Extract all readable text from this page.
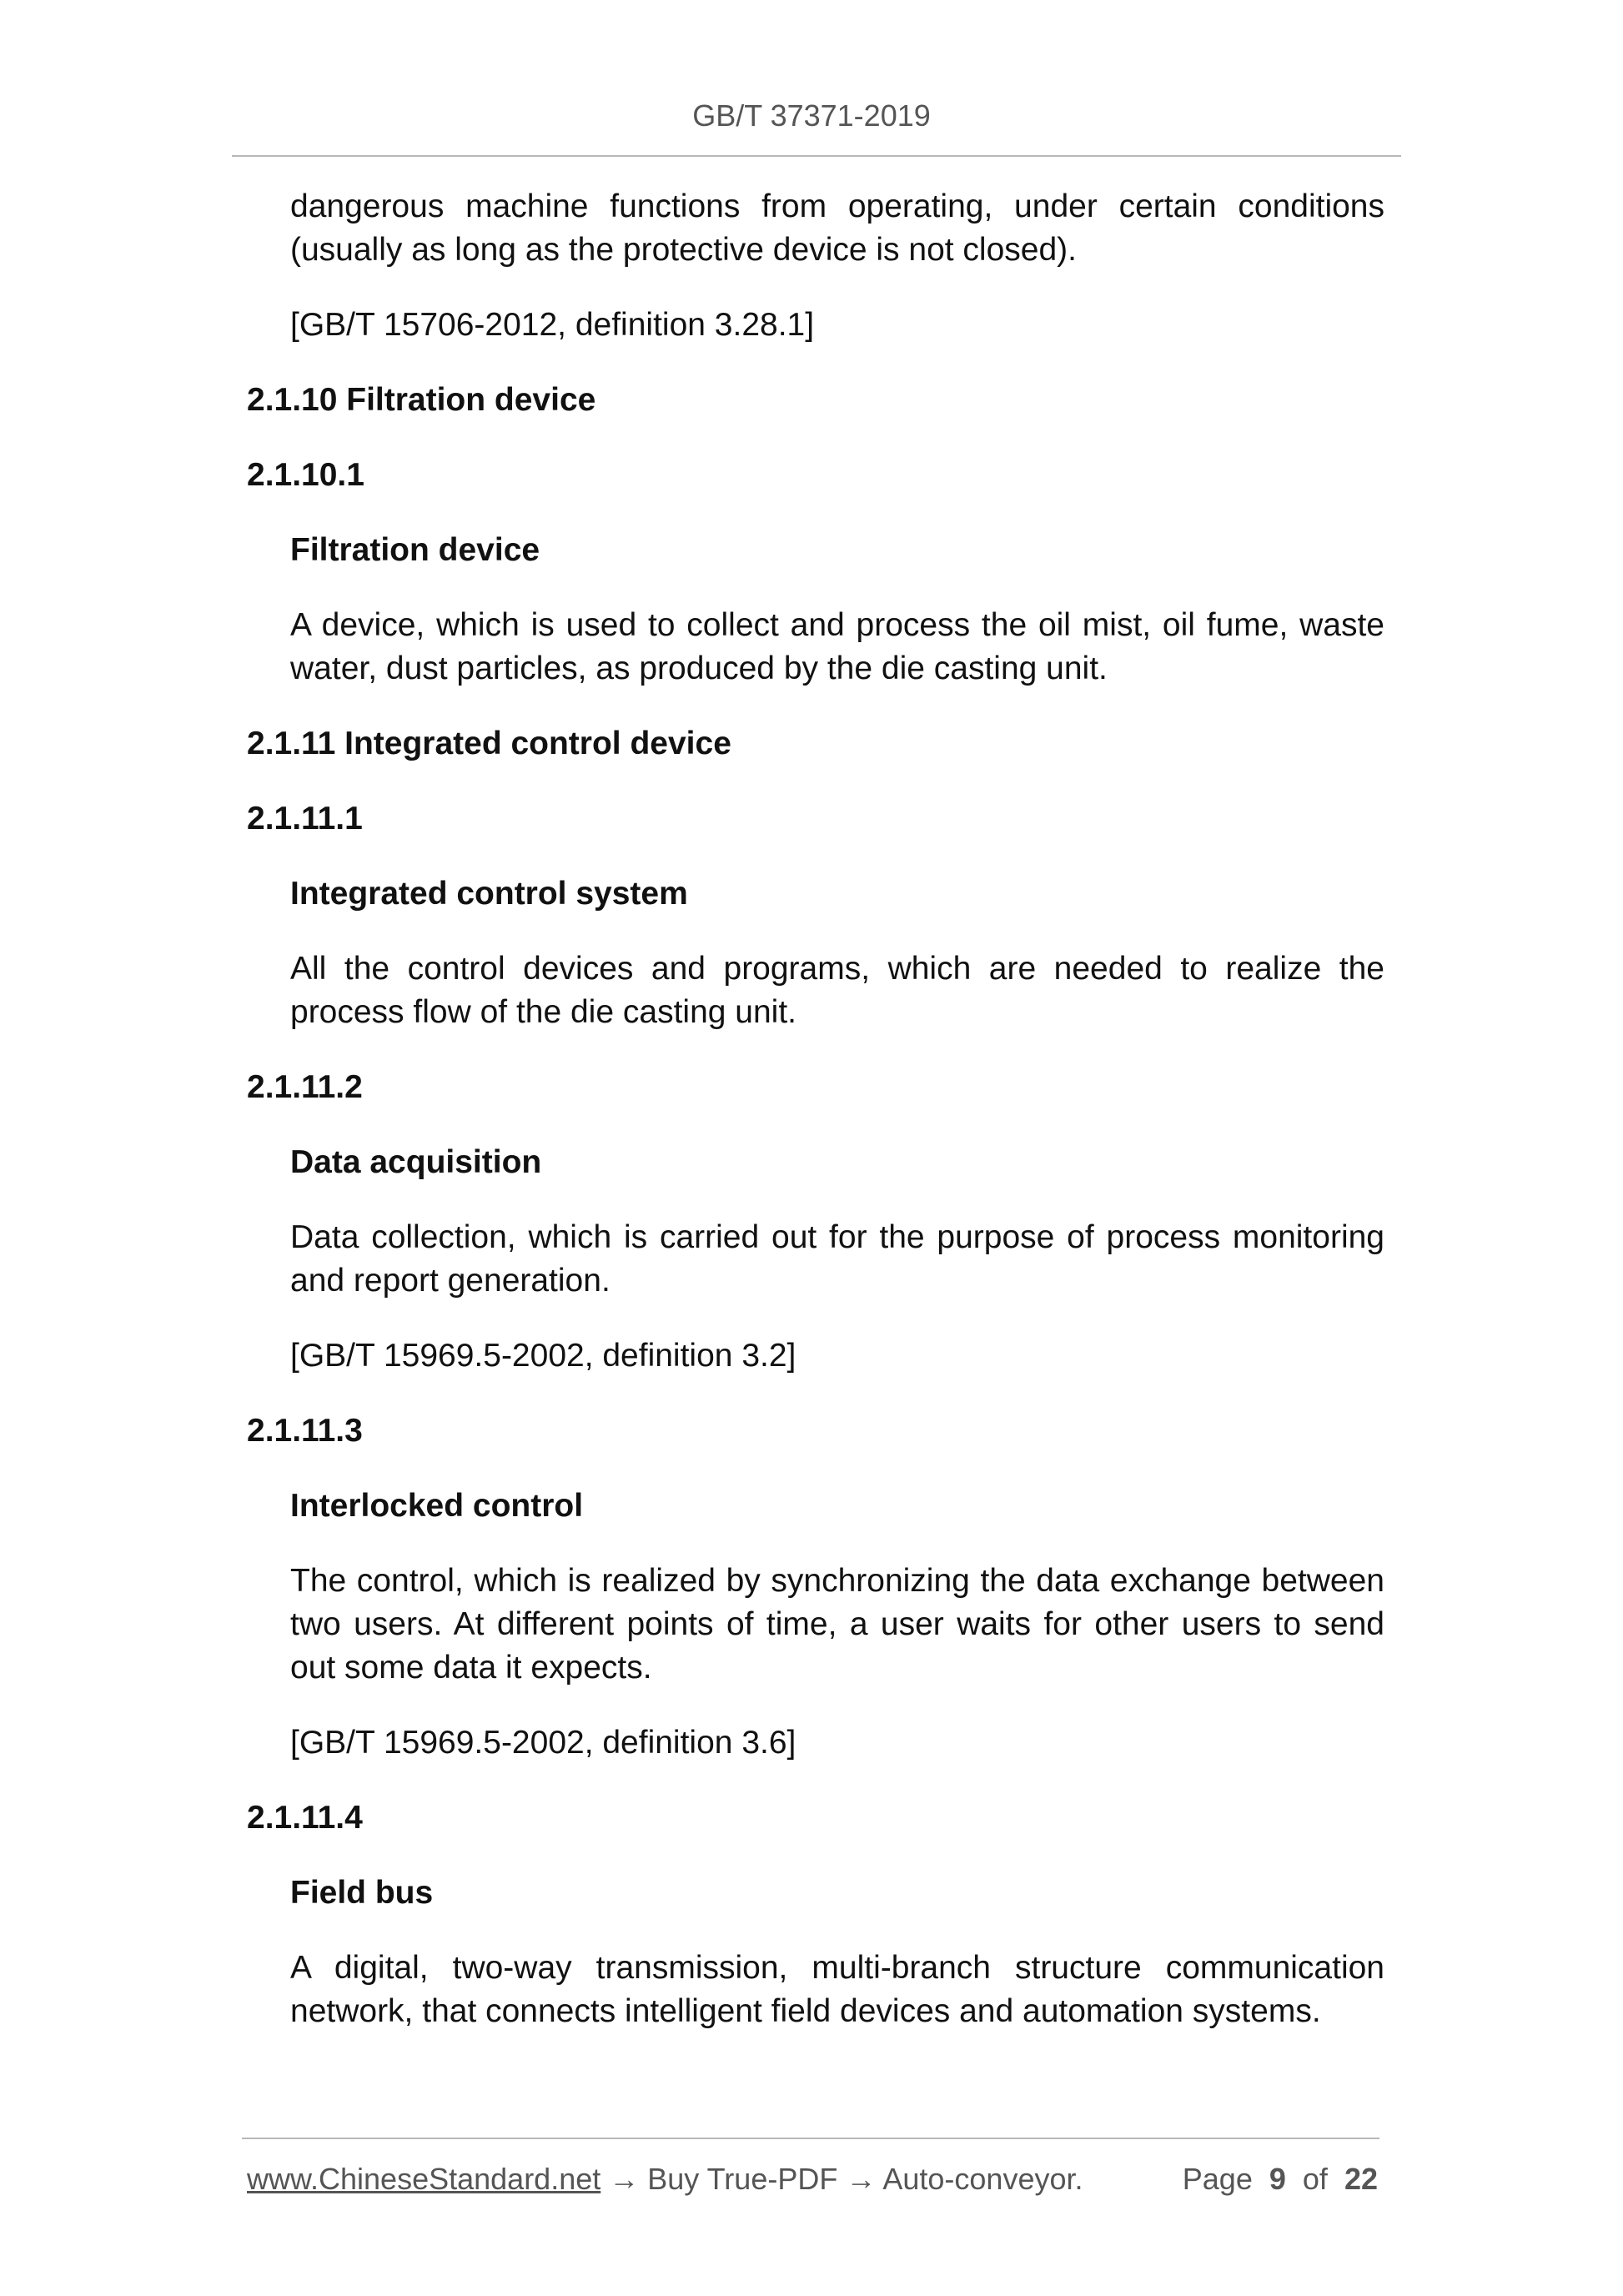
GB/T 37371-2019
dangerous machine functions from operating, under certain conditions (usually as long as the protective device is not closed).
[GB/T 15706-2012, definition 3.28.1]
2.1.10 Filtration device
2.1.10.1
Filtration device
A device, which is used to collect and process the oil mist, oil fume, waste water, dust particles, as produced by the die casting unit.
2.1.11 Integrated control device
2.1.11.1
Integrated control system
All the control devices and programs, which are needed to realize the process flow of the die casting unit.
2.1.11.2
Data acquisition
Data collection, which is carried out for the purpose of process monitoring and report generation.
[GB/T 15969.5-2002, definition 3.2]
2.1.11.3
Interlocked control
The control, which is realized by synchronizing the data exchange between two users. At different points of time, a user waits for other users to send out some data it expects.
[GB/T 15969.5-2002, definition 3.6]
2.1.11.4
Field bus
A digital, two-way transmission, multi-branch structure communication network, that connects intelligent field devices and automation systems.
www.ChineseStandard.net → Buy True-PDF → Auto-conveyor.	Page 9 of 22
